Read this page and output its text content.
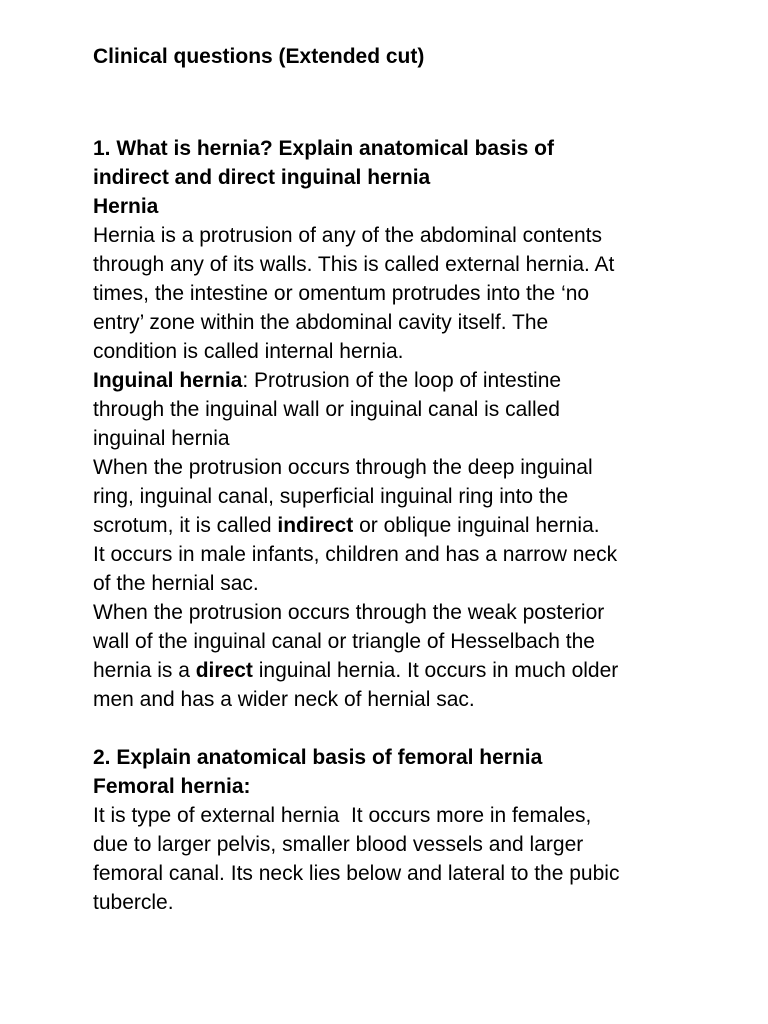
Clinical questions (Extended cut)
1. What is hernia? Explain anatomical basis of
indirect and direct inguinal hernia
Hernia
Hernia is a protrusion of any of the abdominal contents
through any of its walls. This is called external hernia. At
times, the intestine or omentum protrudes into the ‘no
entry’ zone within the abdominal cavity itself. The
condition is called internal hernia.
Inguinal hernia: Protrusion of the loop of intestine
through the inguinal wall or inguinal canal is called
inguinal hernia
When the protrusion occurs through the deep inguinal
ring, inguinal canal, superficial inguinal ring into the
scrotum, it is called indirect or oblique inguinal hernia.
It occurs in male infants, children and has a narrow neck
of the hernial sac.
When the protrusion occurs through the weak posterior
wall of the inguinal canal or triangle of Hesselbach the
hernia is a direct inguinal hernia. It occurs in much older
men and has a wider neck of hernial sac.
2. Explain anatomical basis of femoral hernia
Femoral hernia:
It is type of external hernia  It occurs more in females,
due to larger pelvis, smaller blood vessels and larger
femoral canal. Its neck lies below and lateral to the pubic
tubercle.
